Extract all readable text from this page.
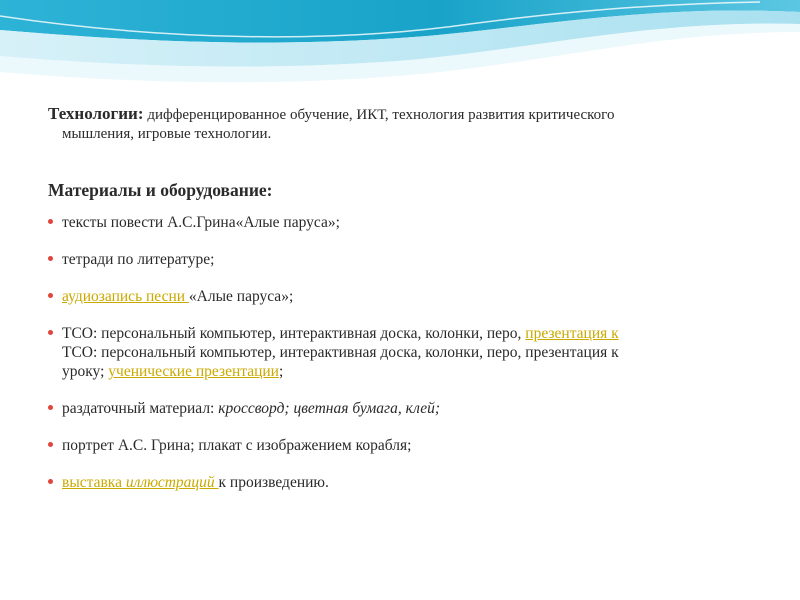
Технологии: дифференцированное обучение, ИКТ, технология развития критического
мышления, игровые технологии.

Материалы и оборудование:
тексты повести А.С.Грина«Алые паруса»;
тетради по литературе;
аудиозапись песни «Алые паруса»;
ТСО: персональный компьютер, интерактивная доска, колонки, перо, презентация к
ТСО: персональный компьютер, интерактивная доска, колонки, перо, презентация к
уроку; ученические презентации;
раздаточный материал: кроссворд; цветная бумага, клей;
портрет А.С. Грина; плакат с изображением корабля;
выставка иллюстраций к произведению.
